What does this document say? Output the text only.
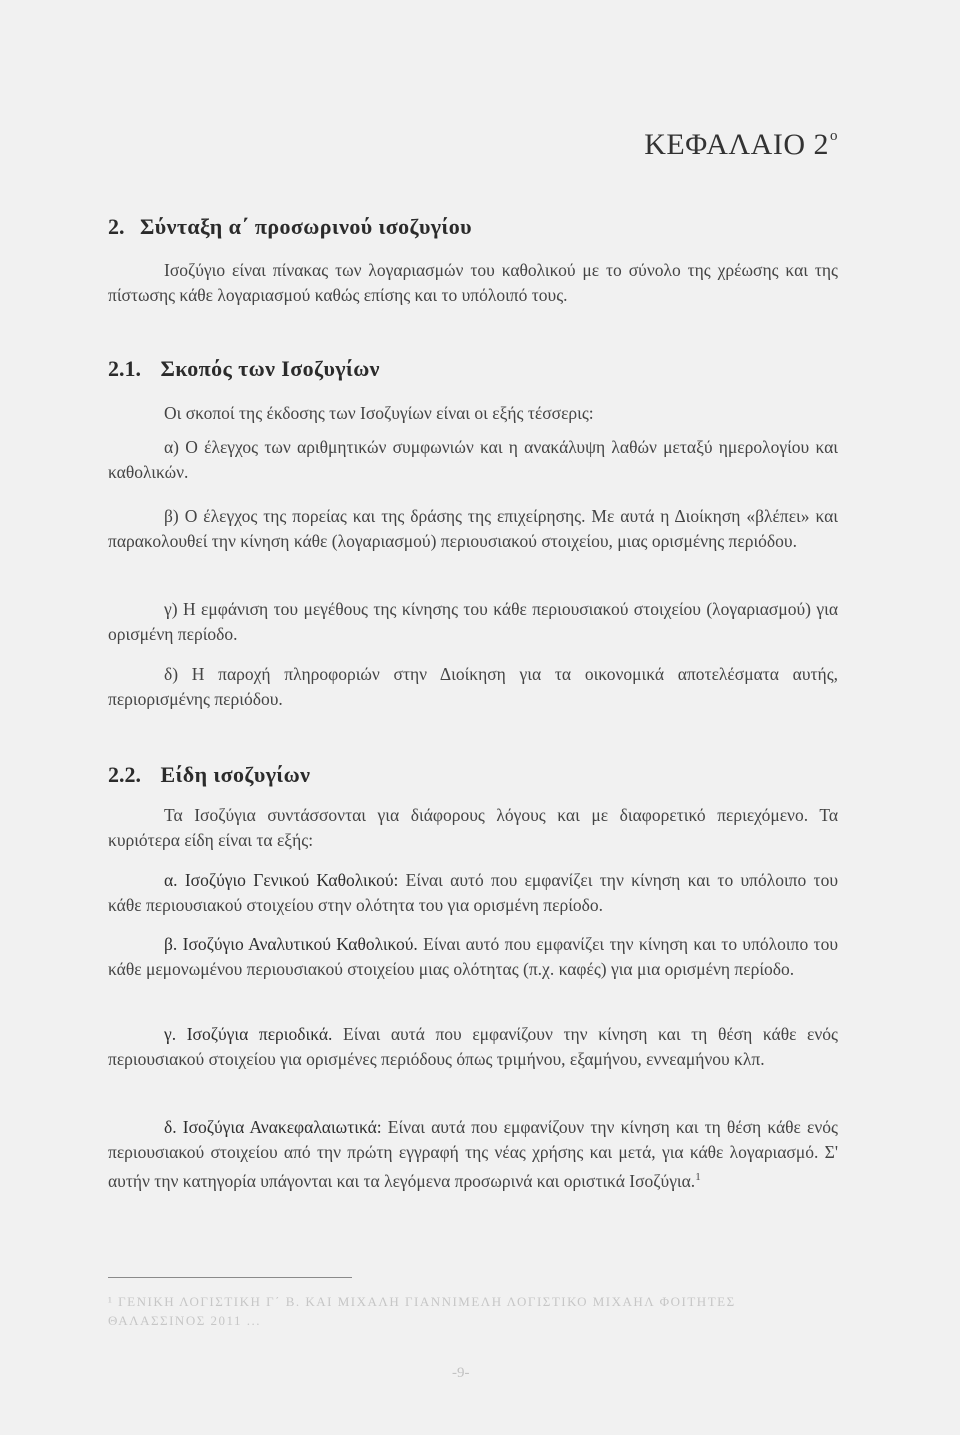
ΚΕΦΑΛΑΙΟ $2^o$
2. Σύνταξη α΄ προσωρινού ισοζυγίου
Ισοζύγιο είναι πίνακας των λογαριασμών του καθολικού με το σύνολο της χρέωσης και της πίστωσης κάθε λογαριασμού καθώς επίσης και το υπόλοιπό τους.
2.1. Σκοπός των Ισοζυγίων
Οι σκοποί της έκδοσης των Ισοζυγίων είναι οι εξής τέσσερις:
α) Ο έλεγχος των αριθμητικών συμφωνιών και η ανακάλυψη λαθών μεταξύ ημερολογίου και καθολικών.
β) Ο έλεγχος της πορείας και της δράσης της επιχείρησης. Με αυτά η Διοίκηση «βλέπει» και παρακολουθεί την κίνηση κάθε (λογαριασμού) περιουσιακού στοιχείου, μιας ορισμένης περιόδου.
γ) Η εμφάνιση του μεγέθους της κίνησης του κάθε περιουσιακού στοιχείου (λογαριασμού) για ορισμένη περίοδο.
δ) Η παροχή πληροφοριών στην Διοίκηση για τα οικονομικά αποτελέσματα αυτής, περιορισμένης περιόδου.
2.2. Είδη ισοζυγίων
Τα Ισοζύγια συντάσσονται για διάφορους λόγους και με διαφορετικό περιεχόμενο. Τα κυριότερα είδη είναι τα εξής:
α. Ισοζύγιο Γενικού Καθολικού: Είναι αυτό που εμφανίζει την κίνηση και το υπόλοιπο του κάθε περιουσιακού στοιχείου στην ολότητα του για ορισμένη περίοδο.
β. Ισοζύγιο Αναλυτικού Καθολικού. Είναι αυτό που εμφανίζει την κίνηση και το υπόλοιπο του κάθε μεμονωμένου περιουσιακού στοιχείου μιας ολότητας (π.χ. καφές) για μια ορισμένη περίοδο.
γ. Ισοζύγια περιοδικά. Είναι αυτά που εμφανίζουν την κίνηση και τη θέση κάθε ενός περιουσιακού στοιχείου για ορισμένες περιόδους όπως τριμήνου, εξαμήνου, εννεαμήνου κλπ.
δ. Ισοζύγια Ανακεφαλαιωτικά: Είναι αυτά που εμφανίζουν την κίνηση και τη θέση κάθε ενός περιουσιακού στοιχείου από την πρώτη εγγραφή της νέας χρήσης και μετά, για κάθε λογαριασμό. Σ' αυτήν την κατηγορία υπάγονται και τα λεγόμενα προσωρινά και οριστικά Ισοζύγια.$^1$
¹ ΓΕΝΙΚΗ ΛΟΓΙΣΤΙΚΗ Γ΄ Β. ΚΑΙ ΜΙΧΑΛΗ ΓΙΑΝΝΙΜΕΛΗ ΛΟΓΙΣΤΙΚΟ ΜΙΧΑΗΛ ΦΟΙΤΗΤΕΣ
ΘΑΛΑΣΣΙΝΟΣ 2011 ...
-9-
